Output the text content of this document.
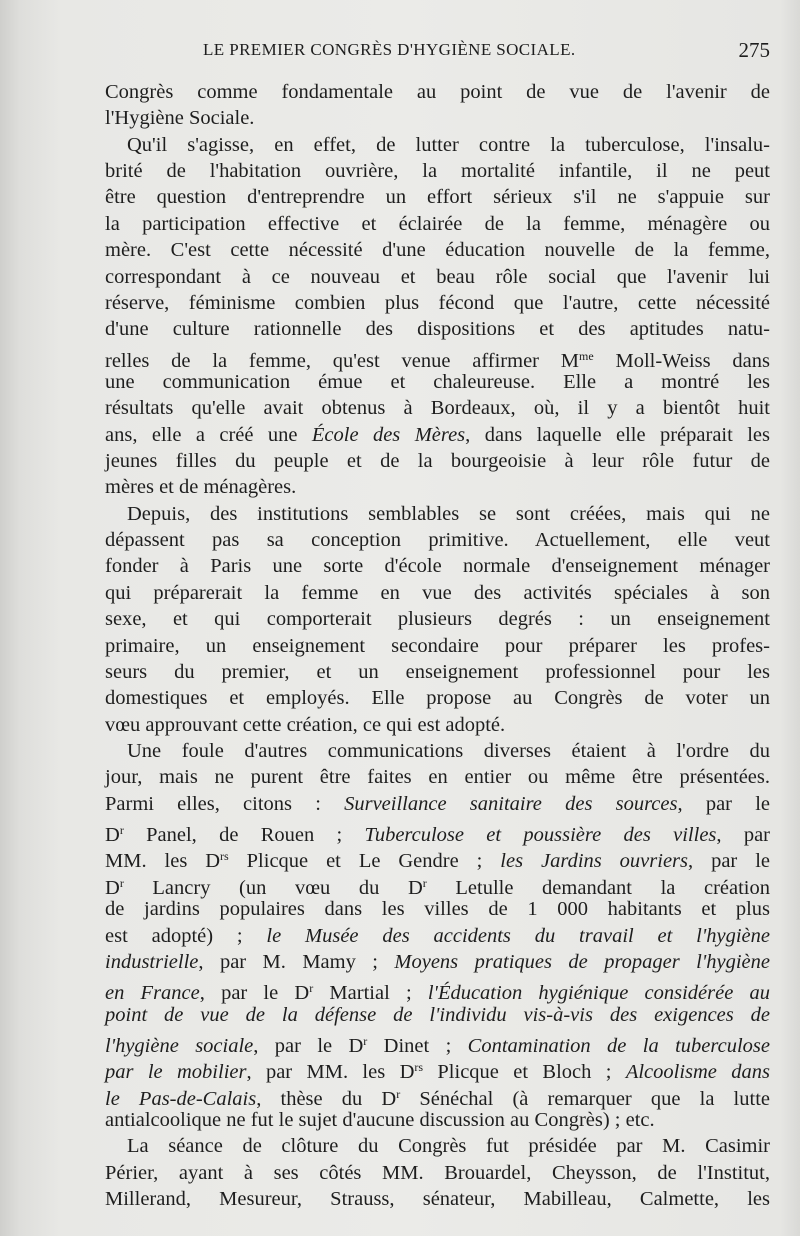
LE PREMIER CONGRÈS D'HYGIÈNE SOCIALE.	275
Congrès comme fondamentale au point de vue de l'avenir de
l'Hygiène Sociale.
Qu'il s'agisse, en effet, de lutter contre la tuberculose, l'insalu-
brité de l'habitation ouvrière, la mortalité infantile, il ne peut
être question d'entreprendre un effort sérieux s'il ne s'appuie sur
la participation effective et éclairée de la femme, ménagère ou
mère. C'est cette nécessité d'une éducation nouvelle de la femme,
correspondant à ce nouveau et beau rôle social que l'avenir lui
réserve, féminisme combien plus fécond que l'autre, cette nécessité
d'une culture rationnelle des dispositions et des aptitudes natu-
relles de la femme, qu'est venue affirmer $M^{me}$ Moll-Weiss dans
une communication émue et chaleureuse. Elle a montré les
résultats qu'elle avait obtenus à Bordeaux, où, il y a bientôt huit
ans, elle a créé une École des Mères, dans laquelle elle préparait les
jeunes filles du peuple et de la bourgeoisie à leur rôle futur de
mères et de ménagères.
Depuis, des institutions semblables se sont créées, mais qui ne
dépassent pas sa conception primitive. Actuellement, elle veut
fonder à Paris une sorte d'école normale d'enseignement ménager
qui préparerait la femme en vue des activités spéciales à son
sexe, et qui comporterait plusieurs degrés : un enseignement
primaire, un enseignement secondaire pour préparer les profes-
seurs du premier, et un enseignement professionnel pour les
domestiques et employés. Elle propose au Congrès de voter un
vœu approuvant cette création, ce qui est adopté.
Une foule d'autres communications diverses étaient à l'ordre du
jour, mais ne purent être faites en entier ou même être présentées.
Parmi elles, citons : Surveillance sanitaire des sources, par le
$D^r$ Panel, de Rouen ; Tuberculose et poussière des villes, par
MM. les $D^{rs}$ Plicque et Le Gendre ; les Jardins ouvriers, par le
$D^r$ Lancry (un vœu du $D^r$ Letulle demandant la création
de jardins populaires dans les villes de 1 000 habitants et plus
est adopté) ; le Musée des accidents du travail et l'hygiène
industrielle, par M. Mamy ; Moyens pratiques de propager l'hygiène
en France, par le $D^r$ Martial ; l'Éducation hygiénique considérée au
point de vue de la défense de l'individu vis-à-vis des exigences de
l'hygiène sociale, par le $D^r$ Dinet ; Contamination de la tuberculose
par le mobilier, par MM. les $D^{rs}$ Plicque et Bloch ; Alcoolisme dans
le Pas-de-Calais, thèse du $D^r$ Sénéchal (à remarquer que la lutte
antialcoolique ne fut le sujet d'aucune discussion au Congrès) ; etc.
La séance de clôture du Congrès fut présidée par M. Casimir
Périer, ayant à ses côtés MM. Brouardel, Cheysson, de l'Institut,
Millerand, Mesureur, Strauss, sénateur, Mabilleau, Calmette, les
